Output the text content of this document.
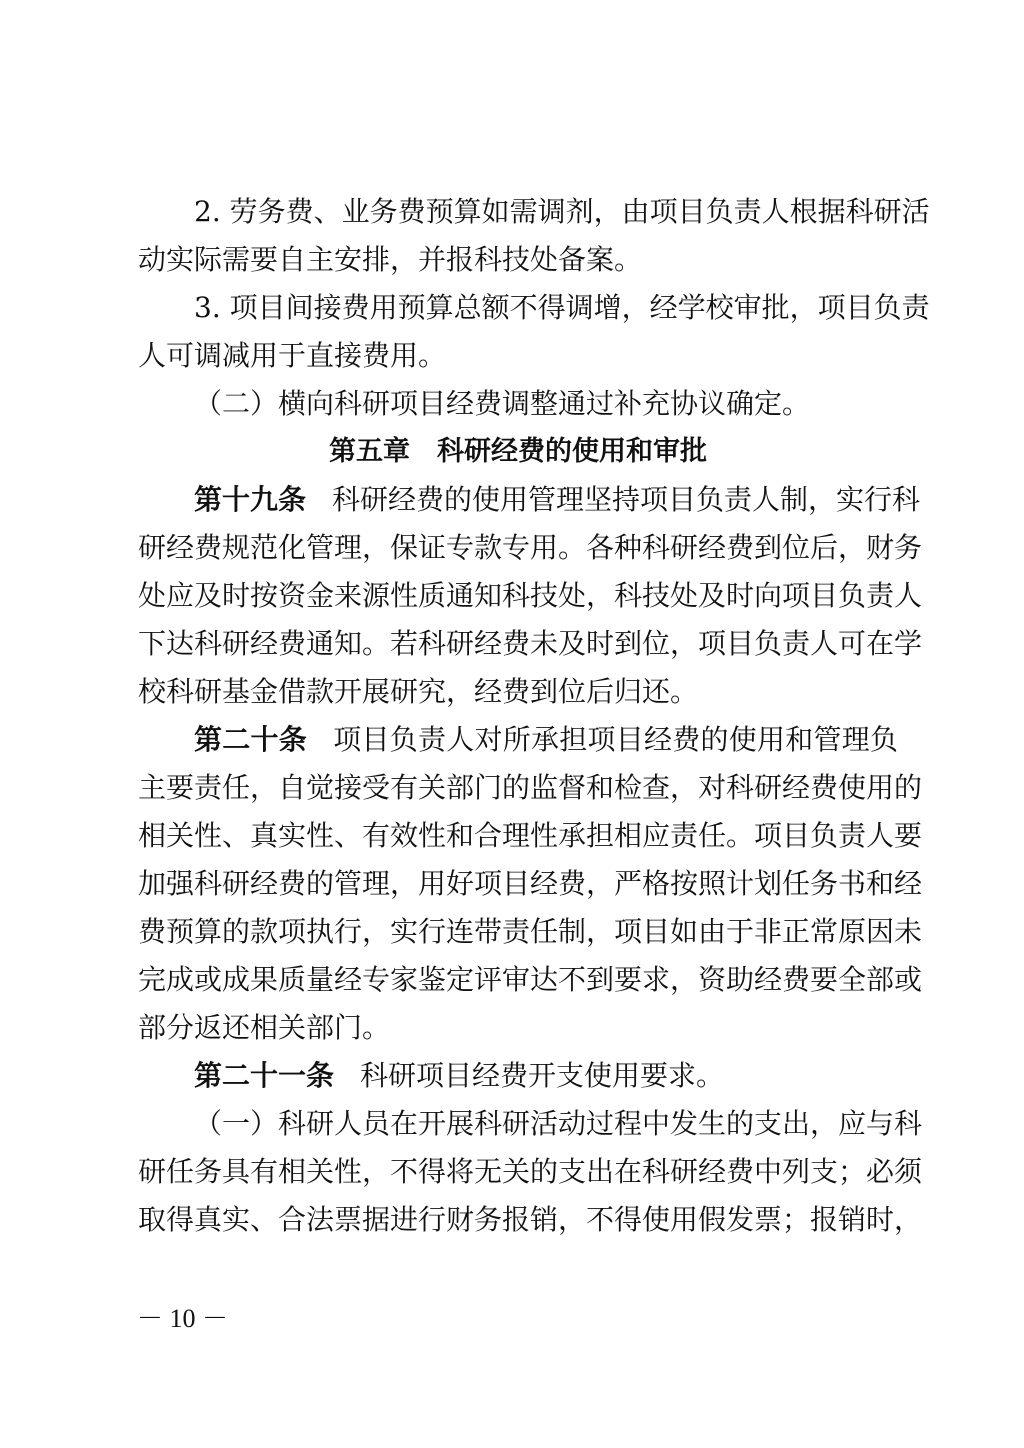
2. 劳务费、业务费预算如需调剂，由项目负责人根据科研活
动实际需要自主安排，并报科技处备案。
3. 项目间接费用预算总额不得调增，经学校审批，项目负责
人可调减用于直接费用。
（二）横向科研项目经费调整通过补充协议确定。
第五章　科研经费的使用和审批
第十九条 科研经费的使用管理坚持项目负责人制，实行科
研经费规范化管理，保证专款专用。各种科研经费到位后，财务
处应及时按资金来源性质通知科技处，科技处及时向项目负责人
下达科研经费通知。若科研经费未及时到位，项目负责人可在学
校科研基金借款开展研究，经费到位后归还。
第二十条 项目负责人对所承担项目经费的使用和管理负
主要责任，自觉接受有关部门的监督和检查，对科研经费使用的
相关性、真实性、有效性和合理性承担相应责任。项目负责人要
加强科研经费的管理，用好项目经费，严格按照计划任务书和经
费预算的款项执行，实行连带责任制，项目如由于非正常原因未
完成或成果质量经专家鉴定评审达不到要求，资助经费要全部或
部分返还相关部门。
第二十一条 科研项目经费开支使用要求。
（一）科研人员在开展科研活动过程中发生的支出，应与科
研任务具有相关性，不得将无关的支出在科研经费中列支；必须
取得真实、合法票据进行财务报销，不得使用假发票；报销时，
－ 10 －
